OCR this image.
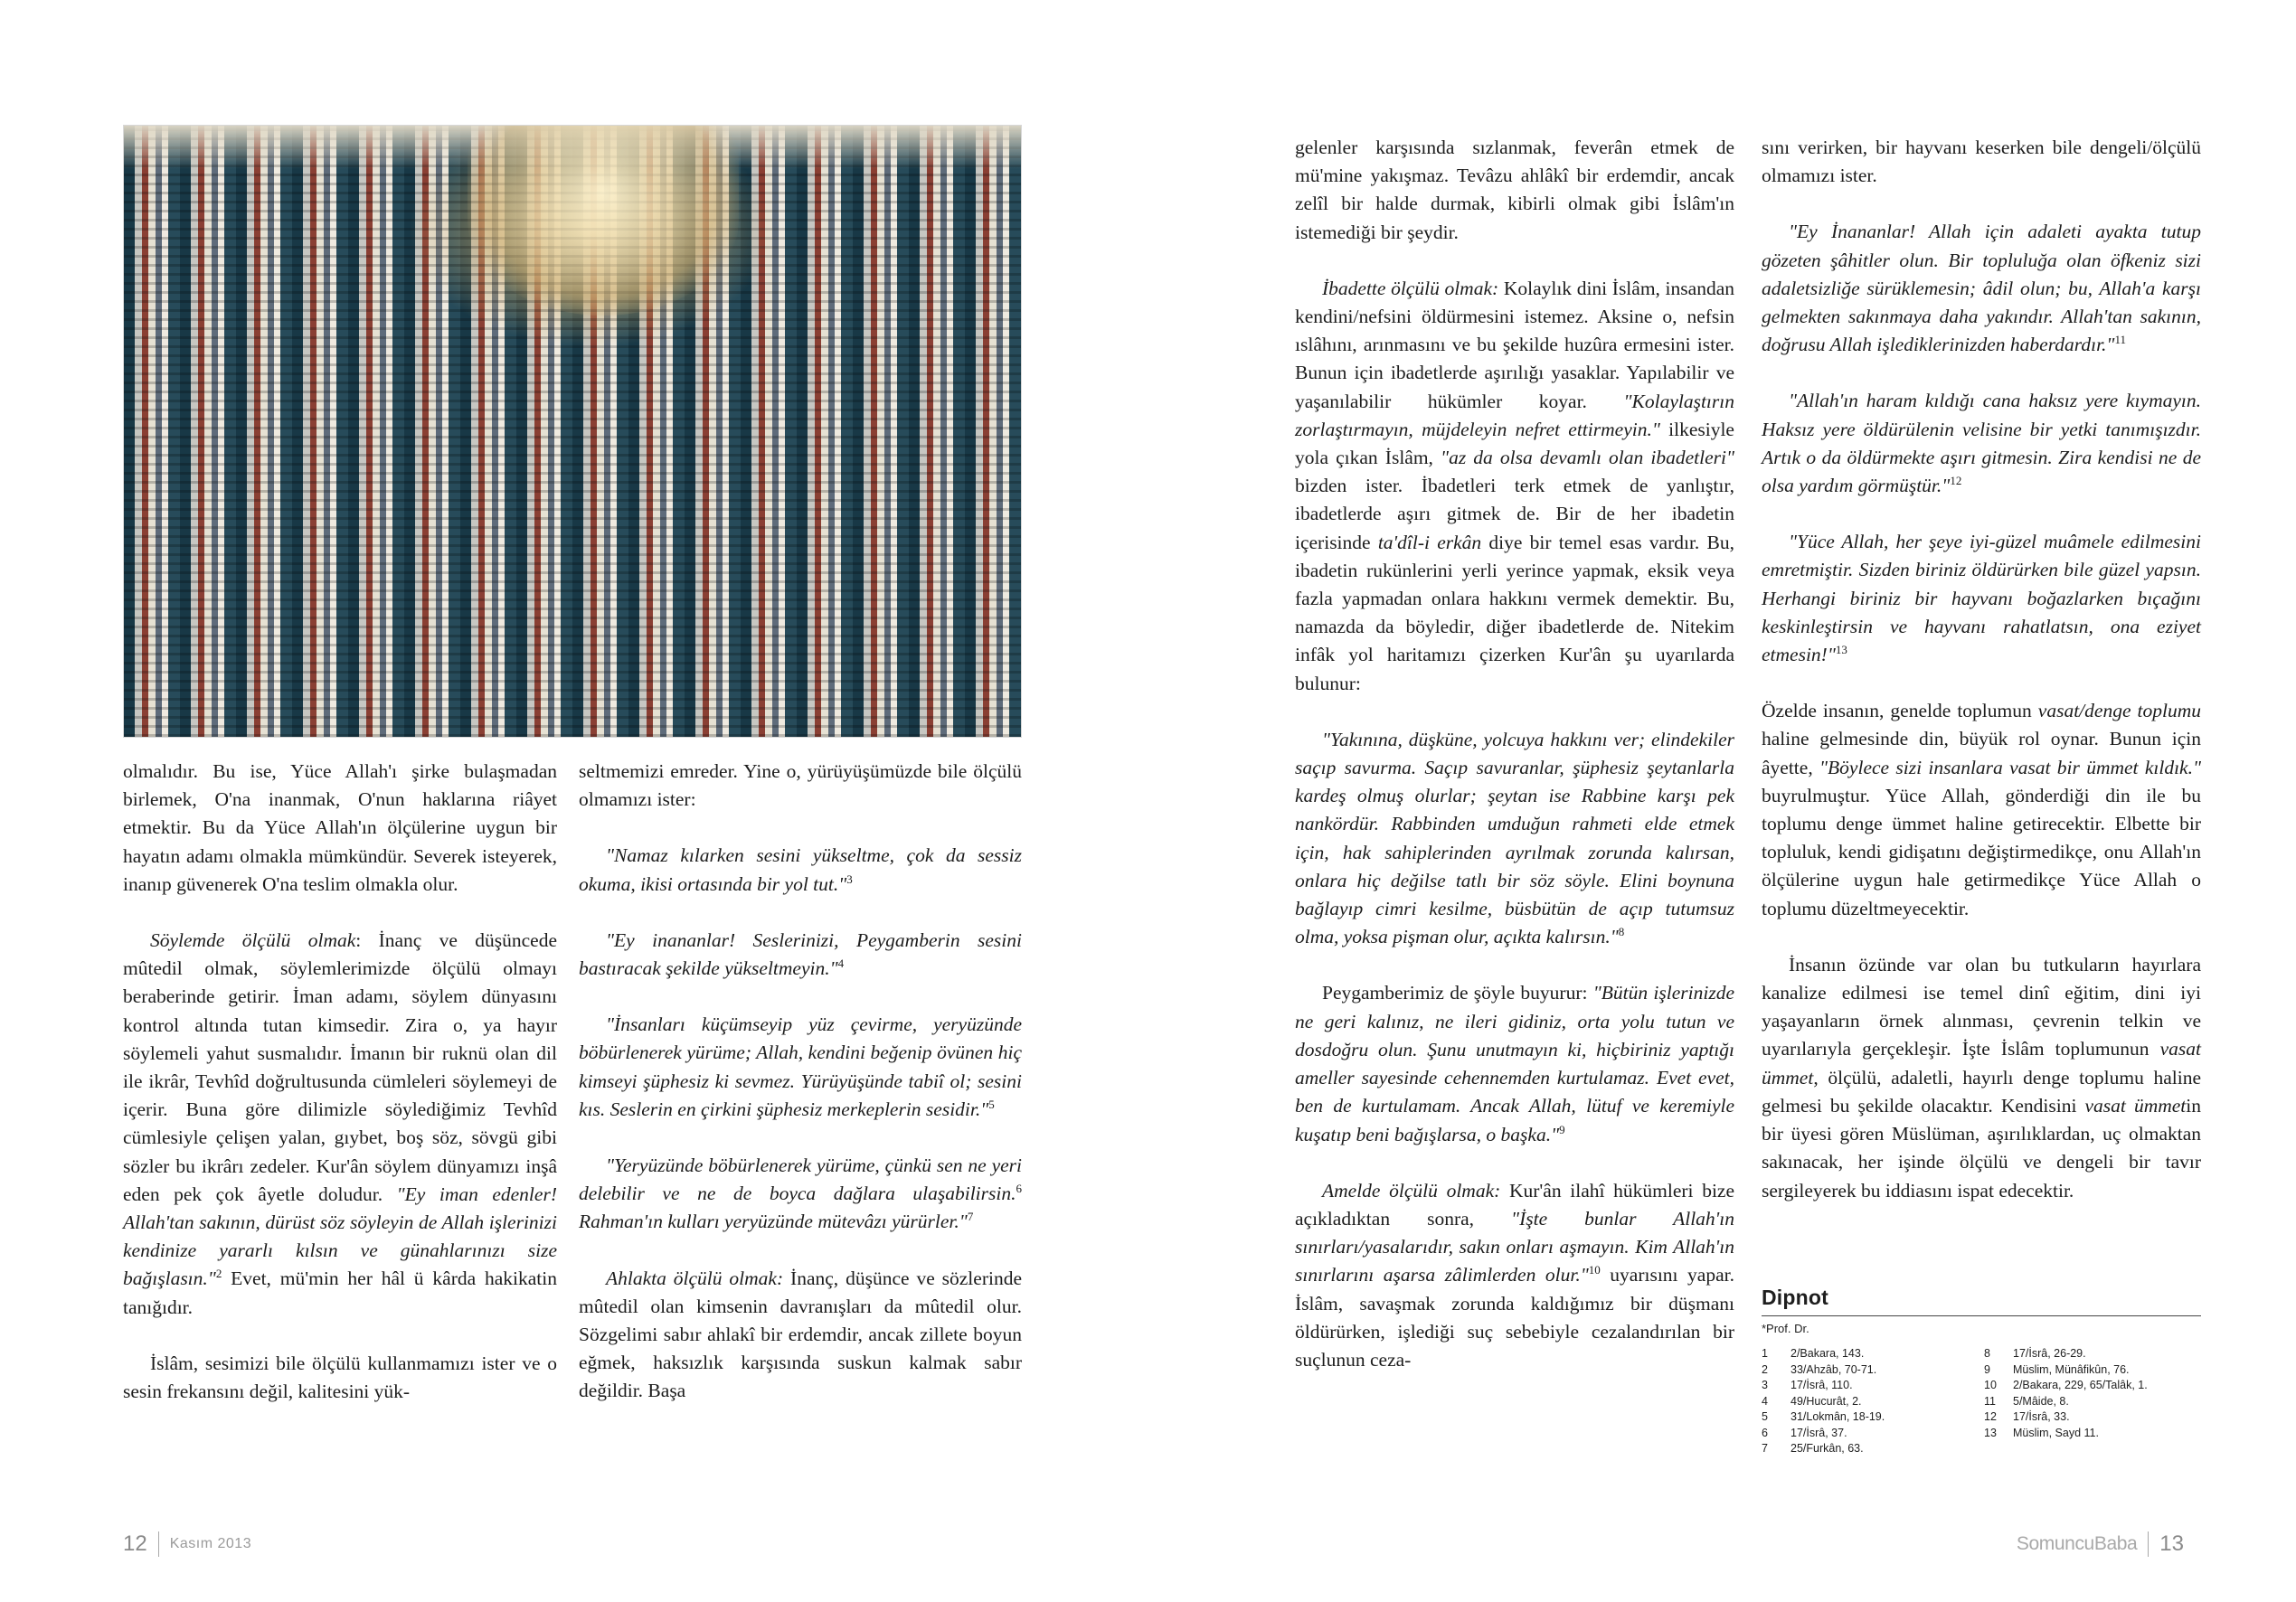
olmalıdır. Bu ise, Yüce Allah'ı şirke bulaşmadan birlemek, O'na inanmak, O'nun haklarına riâyet etmektir. Bu da Yüce Allah'ın ölçülerine uygun bir hayatın adamı olmakla mümkündür. Severek isteyerek, inanıp güvenerek O'na teslim olmakla olur.

Söylemde ölçülü olmak: İnanç ve düşüncede mûtedil olmak, söylemlerimizde ölçülü olmayı beraberinde getirir. İman adamı, söylem dünyasını kontrol altında tutan kimsedir. Zira o, ya hayır söylemeli yahut susmalıdır. İmanın bir ruknü olan dil ile ikrâr, Tevhîd doğrultusunda cümleleri söylemeyi de içerir. Buna göre dilimizle söylediğimiz Tevhîd cümlesiyle çelişen yalan, gıybet, boş söz, sövgü gibi sözler bu ikrârı zedeler. Kur'ân söylem dünyamızı inşâ eden pek çok âyetle doludur. "Ey iman edenler! Allah'tan sakının, dürüst söz söyleyin de Allah işlerinizi kendinize yararlı kılsın ve günahlarınızı size bağışlasın."$^2$ Evet, mü'min her hâl ü kârda hakikatin tanığıdır.

İslâm, sesimizi bile ölçülü kullanmamızı ister ve o sesin frekansını değil, kalitesini yük-

seltmemizi emreder. Yine o, yürüyüşümüzde bile ölçülü olmamızı ister:

"Namaz kılarken sesini yükseltme, çok da sessiz okuma, ikisi ortasında bir yol tut."$^3$

"Ey inananlar! Seslerinizi, Peygamberin sesini bastıracak şekilde yükseltmeyin."$^4$

"İnsanları küçümseyip yüz çevirme, yeryüzünde böbürlenerek yürüme; Allah, kendini beğenip övünen hiç kimseyi şüphesiz ki sevmez. Yürüyüşünde tabiî ol; sesini kıs. Seslerin en çirkini şüphesiz merkeplerin sesidir."$^5$

"Yeryüzünde böbürlenerek yürüme, çünkü sen ne yeri delebilir ve ne de boyca dağlara ulaşabilirsin.$^6$ Rahman'ın kulları yeryüzünde mütevâzı yürürler."$^7$

Ahlakta ölçülü olmak: İnanç, düşünce ve sözlerinde mûtedil olan kimsenin davranışları da mûtedil olur. Sözgelimi sabır ahlakî bir erdemdir, ancak zillete boyun eğmek, haksızlık karşısında suskun kalmak sabır değildir. Başa

gelenler karşısında sızlanmak, feverân etmek de mü'mine yakışmaz. Tevâzu ahlâkî bir erdemdir, ancak zelîl bir halde durmak, kibirli olmak gibi İslâm'ın istemediği bir şeydir.

İbadette ölçülü olmak: Kolaylık dini İslâm, insandan kendini/nefsini öldürmesini istemez. Aksine o, nefsin ıslâhını, arınmasını ve bu şekilde huzûra ermesini ister. Bunun için ibadetlerde aşırılığı yasaklar. Yapılabilir ve yaşanılabilir hükümler koyar. "Kolaylaştırın zorlaştırmayın, müjdeleyin nefret ettirmeyin." ilkesiyle yola çıkan İslâm, "az da olsa devamlı olan ibadetleri" bizden ister. İbadetleri terk etmek de yanlıştır, ibadetlerde aşırı gitmek de. Bir de her ibadetin içerisinde ta'dîl-i erkân diye bir temel esas vardır. Bu, ibadetin rukünlerini yerli yerince yapmak, eksik veya fazla yapmadan onlara hakkını vermek demektir. Bu, namazda da böyledir, diğer ibadetlerde de. Nitekim infâk yol haritamızı çizerken Kur'ân şu uyarılarda bulunur:

"Yakınına, düşküne, yolcuya hakkını ver; elindekiler saçıp savurma. Saçıp savuranlar, şüphesiz şeytanlarla kardeş olmuş olurlar; şeytan ise Rabbine karşı pek nankördür. Rabbinden umduğun rahmeti elde etmek için, hak sahiplerinden ayrılmak zorunda kalırsan, onlara hiç değilse tatlı bir söz söyle. Elini boynuna bağlayıp cimri kesilme, büsbütün de açıp tutumsuz olma, yoksa pişman olur, açıkta kalırsın."$^8$

Peygamberimiz de şöyle buyurur: "Bütün işlerinizde ne geri kalınız, ne ileri gidiniz, orta yolu tutun ve dosdoğru olun. Şunu unutmayın ki, hiçbiriniz yaptığı ameller sayesinde cehennemden kurtulamaz. Evet evet, ben de kurtulamam. Ancak Allah, lütuf ve keremiyle kuşatıp beni bağışlarsa, o başka."$^9$

Amelde ölçülü olmak: Kur'ân ilahî hükümleri bize açıkladıktan sonra, "İşte bunlar Allah'ın sınırları/yasalarıdır, sakın onları aşmayın. Kim Allah'ın sınırlarını aşarsa zâlimlerden olur."$^{10}$ uyarısını yapar. İslâm, savaşmak zorunda kaldığımız bir düşmanı öldürürken, işlediği suç sebebiyle cezalandırılan bir suçlunun ceza-

sını verirken, bir hayvanı keserken bile dengeli/ölçülü olmamızı ister.

"Ey İnananlar! Allah için adaleti ayakta tutup gözeten şâhitler olun. Bir topluluğa olan öfkeniz sizi adaletsizliğe sürüklemesin; âdil olun; bu, Allah'a karşı gelmekten sakınmaya daha yakındır. Allah'tan sakının, doğrusu Allah işlediklerinizden haberdardır."$^{11}$

"Allah'ın haram kıldığı cana haksız yere kıymayın. Haksız yere öldürülenin velisine bir yetki tanımışızdır. Artık o da öldürmekte aşırı gitmesin. Zira kendisi ne de olsa yardım görmüştür."$^{12}$

"Yüce Allah, her şeye iyi-güzel muâmele edilmesini emretmiştir. Sizden biriniz öldürürken bile güzel yapsın. Herhangi biriniz bir hayvanı boğazlarken bıçağını keskinleştirsin ve hayvanı rahatlatsın, ona eziyet etmesin!"$^{13}$

Özelde insanın, genelde toplumun vasat/denge toplumu haline gelmesinde din, büyük rol oynar. Bunun için âyette, "Böylece sizi insanlara vasat bir ümmet kıldık." buyrulmuştur. Yüce Allah, gönderdiği din ile bu toplumu denge ümmet haline getirecektir. Elbette bir topluluk, kendi gidişatını değiştirmedikçe, onu Allah'ın ölçülerine uygun hale getirmedikçe Yüce Allah o toplumu düzeltmeyecektir.

İnsanın özünde var olan bu tutkuların hayırlara kanalize edilmesi ise temel dinî eğitim, dini iyi yaşayanların örnek alınması, çevrenin telkin ve uyarılarıyla gerçekleşir. İşte İslâm toplumunun vasat ümmet, ölçülü, adaletli, hayırlı denge toplumu haline gelmesi bu şekilde olacaktır. Kendisini vasat ümmetin bir üyesi gören Müslüman, aşırılıklardan, uç olmaktan sakınacak, her işinde ölçülü ve dengeli bir tavır sergileyerek bu iddiasını ispat edecektir.

Dipnot
*Prof. Dr.
1	2/Bakara, 143.
2	33/Ahzâb, 70-71.
3	17/İsrâ, 110.
4	49/Hucurât, 2.
5	31/Lokmân, 18-19.
6	17/İsrâ, 37.
7	25/Furkân, 63.
8	17/İsrâ, 26-29.
9	Müslim, Münâfikûn, 76.
10	2/Bakara, 229, 65/Talâk, 1.
11	5/Mâide, 8.
12	17/İsrâ, 33.
13	Müslim, Sayd 11.
12 Kasım 2013	SomuncuBaba 13
